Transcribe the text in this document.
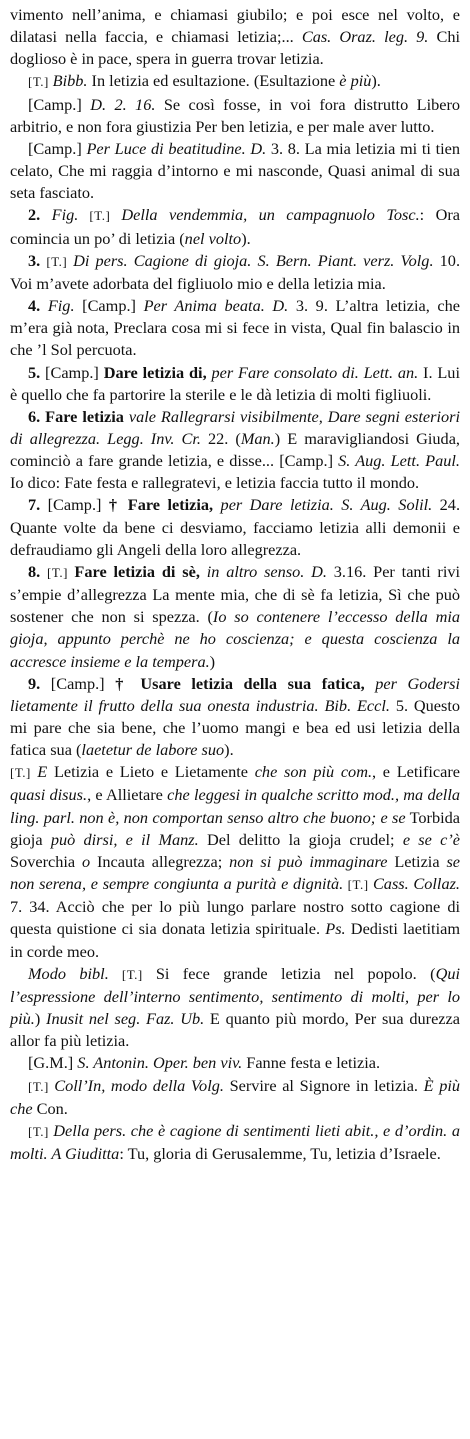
vimento nell’anima, e chiamasi giubilo; e poi esce nel volto, e dilatasi nella faccia, e chiamasi letizia;... Cas. Oraz. leg. 9. Chi doglioso è in pace, spera in guerra trovar letizia.

[T.] Bibb. In letizia ed esultazione. (Esultazione è più).

[Camp.] D. 2. 16. Se così fosse, in voi fora distrutto Libero arbitrio, e non fora giustizia Per ben letizia, e per male aver lutto.

[Camp.] Per Luce di beatitudine. D. 3. 8. La mia letizia mi ti tien celato, Che mi raggia d’intorno e mi nasconde, Quasi animal di sua seta fasciato.

2. Fig. [T.] Della vendemmia, un campagnuolo Tosc.: Ora comincia un po’ di letizia (nel volto).

3. [T.] Di pers. Cagione di gioja. S. Bern. Piant. verz. Volg. 10. Voi m’avete adorbata del figliuolo mio e della letizia mia.

4. Fig. [Camp.] Per Anima beata. D. 3. 9. L’altra letizia, che m’era già nota, Preclara cosa mi si fece in vista, Qual fin balascio in che ’l Sol percuota.

5. [Camp.] Dare letizia di, per Fare consolato di. Lett. an. I. Lui è quello che fa partorire la sterile e le dà letizia di molti figliuoli.

6. Fare letizia vale Rallegrarsi visibilmente, Dare segni esteriori di allegrezza. Legg. Inv. Cr. 22. (Man.) E maravigliandosi Giuda, cominciò a fare grande letizia, e disse... [Camp.] S. Aug. Lett. Paul. Io dico: Fate festa e rallegratevi, e letizia faccia tutto il mondo.

7. [Camp.] † Fare letizia, per Dare letizia. S. Aug. Solil. 24. Quante volte da bene ci desviamo, facciamo letizia alli demonii e defraudiamo gli Angeli della loro allegrezza.

8. [T.] Fare letizia di sè, in altro senso. D. 3.16. Per tanti rivi s’empie d’allegrezza La mente mia, che di sè fa letizia, Sì che può sostener che non si spezza. (Io so contenere l’eccesso della mia gioja, appunto perchè ne ho coscienza; e questa coscienza la accresce insieme e la tempera.)

9. [Camp.] † Usare letizia della sua fatica, per Godersi lietamente il frutto della sua onesta industria. Bib. Eccl. 5. Questo mi pare che sia bene, che l’uomo mangi e bea ed usi letizia della fatica sua (laetetur de labore suo).

[T.] E Letizia e Lieto e Lietamente che son più com., e Letificare quasi disus., e Allietare che leggesi in qualche scritto mod., ma della ling. parl. non è, non comportan senso altro che buono; e se Torbida gioja può dirsi, e il Manz. Del delitto la gioja crudel; e se c’è Soverchia o Incauta allegrezza; non si può immaginare Letizia se non serena, e sempre congiunta a purità e dignità. [T.] Cass. Collaz. 7. 34. Acciò che per lo più lungo parlare nostro sotto cagione di questa quistione ci sia donata letizia spirituale. Ps. Dedisti laetitiam in corde meo.

Modo bibl. [T.] Si fece grande letizia nel popolo. (Qui l’espressione dell’interno sentimento, sentimento di molti, per lo più.) Inusit nel seg. Faz. Ub. E quanto più mordo, Per sua durezza allor fa più letizia.

[G.M.] S. Antonin. Oper. ben viv. Fanne festa e letizia.

[T.] Coll’In, modo della Volg. Servire al Signore in letizia. È più che Con.

[T.] Della pers. che è cagione di sentimenti lieti abit., e d’ordin. a molti. A Giuditta: Tu, gloria di Gerusalemme, Tu, letizia d’Israele.
